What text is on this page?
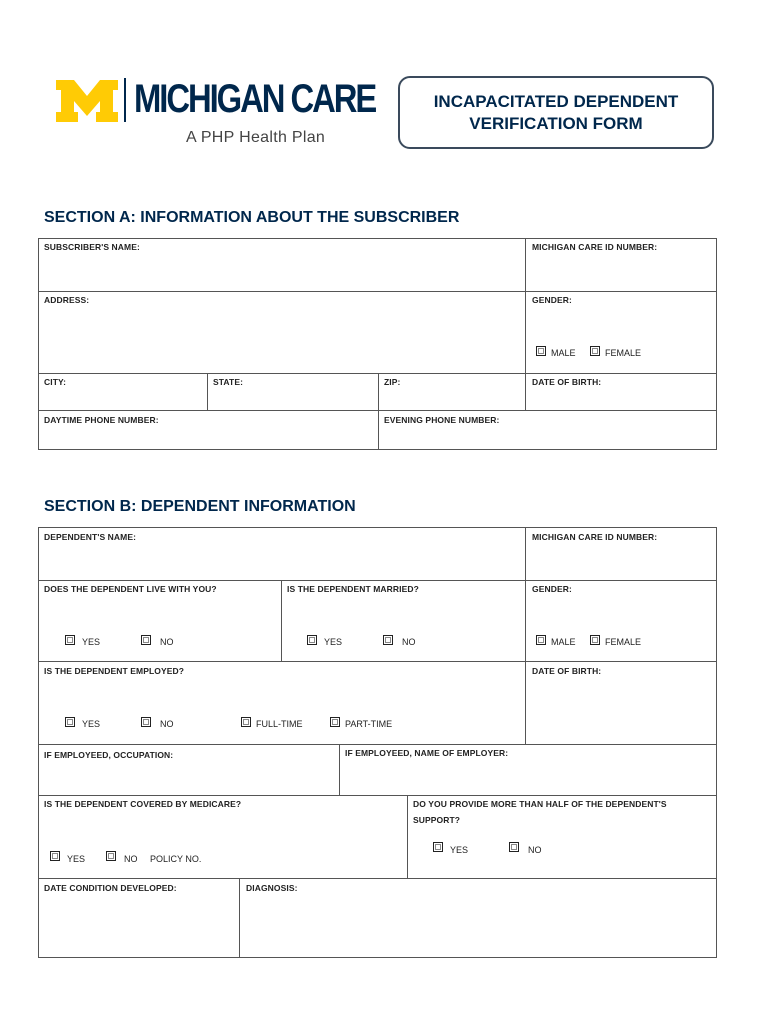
MICHIGAN CARE
A PHP Health Plan
INCAPACITATED DEPENDENT
VERIFICATION FORM
SECTION A: INFORMATION ABOUT THE SUBSCRIBER
SUBSCRIBER'S NAME:	MICHIGAN CARE ID NUMBER:
ADDRESS:	GENDER:
MALE	FEMALE
CITY:	STATE:	ZIP:	DATE OF BIRTH:
DAYTIME PHONE NUMBER:	EVENING PHONE NUMBER:
SECTION B: DEPENDENT INFORMATION
DEPENDENT'S NAME:	MICHIGAN CARE ID NUMBER:
DOES THE DEPENDENT LIVE WITH YOU?	IS THE DEPENDENT MARRIED?	GENDER:
YES	NO	YES	NO	MALE	FEMALE
IS THE DEPENDENT EMPLOYED?	DATE OF BIRTH:
YES	NO	FULL-TIME	PART-TIME
IF EMPLOYEED, OCCUPATION:	IF EMPLOYEED, NAME OF EMPLOYER:
IS THE DEPENDENT COVERED BY MEDICARE?	DO YOU PROVIDE MORE THAN HALF OF THE DEPENDENT'S
SUPPORT?
YES	NO POLICY NO.
YES	NO
DATE CONDITION DEVELOPED:	DIAGNOSIS:
